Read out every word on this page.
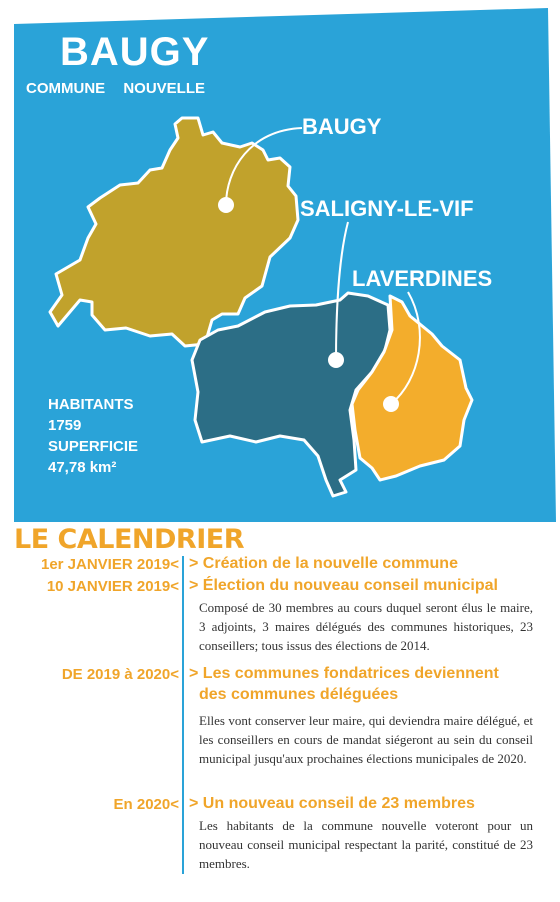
BAUGY
COMMUNE NOUVELLE
BAUGY
SALIGNY-LE-VIF
LAVERDINES
HABITANTS
1759
SUPERFICIE
47,78 km²
LE CALENDRIER
1er JANVIER 2019< > Création de la nouvelle commune
10 JANVIER 2019< > Élection du nouveau conseil municipal
Composé de 30 membres au cours duquel seront élus le maire, 3 adjoints, 3 maires délégués des communes historiques, 23 conseillers; tous issus des élections de 2014.
DE 2019 à 2020< > Les communes fondatrices deviennent
des communes déléguées
Elles vont conserver leur maire, qui deviendra maire délégué, et les conseillers en cours de mandat siégeront au sein du conseil municipal jusqu'aux prochaines élections municipales de 2020.
En 2020< > Un nouveau conseil de 23 membres
Les habitants de la commune nouvelle voteront pour un nouveau conseil municipal respectant la parité, constitué de 23 membres.
